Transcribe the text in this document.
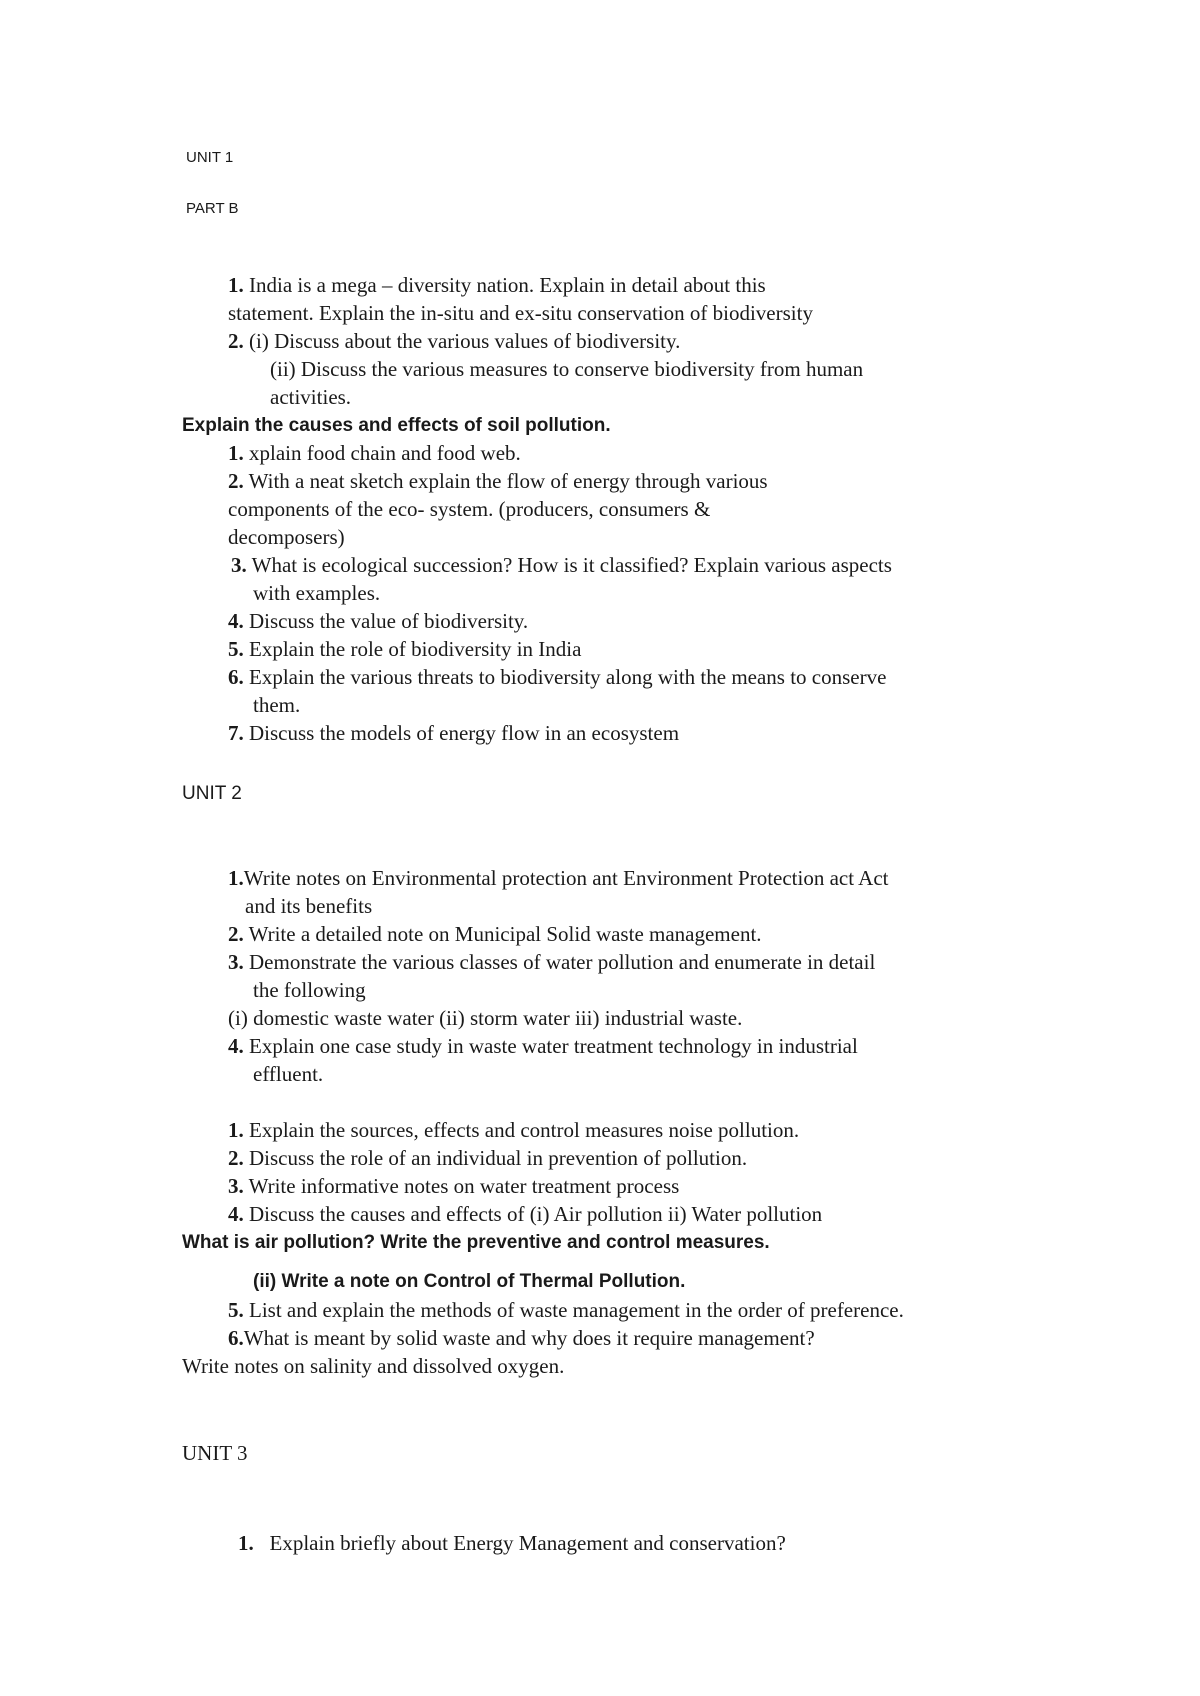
UNIT 1
PART B
1. India is a mega – diversity nation. Explain in detail about this
statement. Explain the in-situ and ex-situ conservation of biodiversity
2. (i) Discuss about the various values of biodiversity.
(ii) Discuss the various measures to conserve biodiversity from human
activities.
Explain the causes and effects of soil pollution.
1. xplain food chain and food web.
2. With a neat sketch explain the flow of energy through various
components of the eco- system. (producers, consumers &
decomposers)
3. What is ecological succession? How is it classified? Explain various aspects
with examples.
4. Discuss the value of biodiversity.
5. Explain the role of biodiversity in India
6. Explain the various threats to biodiversity along with the means to conserve
them.
7. Discuss the models of energy flow in an ecosystem
UNIT 2
1.Write notes on Environmental protection ant Environment Protection act Act
and its benefits
2. Write a detailed note on Municipal Solid waste management.
3. Demonstrate the various classes of water pollution and enumerate in detail
the following
(i) domestic waste water (ii) storm water iii) industrial waste.
4. Explain one case study in waste water treatment technology in industrial
effluent.
1. Explain the sources, effects and control measures noise pollution.
2. Discuss the role of an individual in prevention of pollution.
3. Write informative notes on water treatment process
4. Discuss the causes and effects of (i) Air pollution ii) Water pollution
What is air pollution? Write the preventive and control measures.
(ii) Write a note on Control of Thermal Pollution.
5. List and explain the methods of waste management in the order of preference.
6.What is meant by solid waste and why does it require management?
Write notes on salinity and dissolved oxygen.
UNIT 3
1. Explain briefly about Energy Management and conservation?
